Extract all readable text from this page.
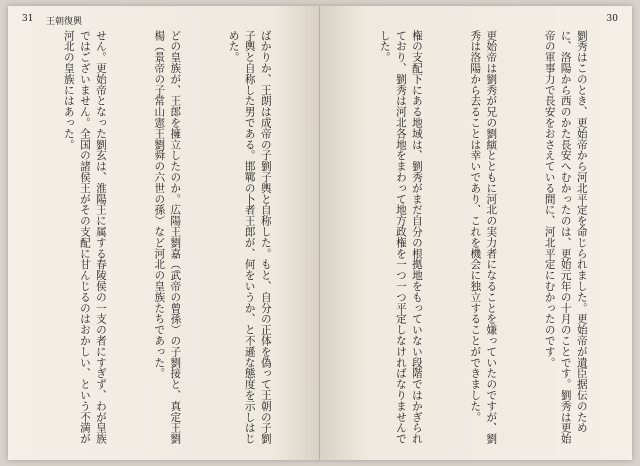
31 王朝復興

ばかりか、王朗は成帝の子劉子輿と自称した。もと、自分の正体を偽って王朝の子劉子輿と自称した男である。邯鄲の卜者王郎が、何をいうか、と不遜な態度を示しはじめた。

どの皇族が、王郎を擁立したのか。広陽王劉嘉（武帝の曾孫）の子劉接と、真定王劉楊（景帝の子常山憲王劉舜の六世の孫）など河北の皇族たちであった。

せん。更始帝となった劉玄は、淮陽王に属する春陵侯の一支の者にすぎず、わが皇族ではございません。全国の諸侯王がその支配に甘んじるのはおかしい、という不満が河北の皇族にはあった。

30

劉秀はこのとき、更始帝から河北平定を命じられました。更始帝が遺臣据伝のために、洛陽から西のかた長安へむかったのは、更始元年の十月のことです。劉秀は更始帝の軍事力で長安をおさえている間に、河北平定にむかったのです。

更始帝は劉秀が兄の劉縯とともに河北の実力者になることを嫌っていたのですが、劉秀は洛陽から去ることは幸いであり、これを機会に独立することができました。

権の支配下にある地域は、劉秀がまだ自分の根拠地をもっていない段階ではかぎられており、劉秀は河北各地をまわって地方政権を一つ一つ平定しなければなりませんでした。
